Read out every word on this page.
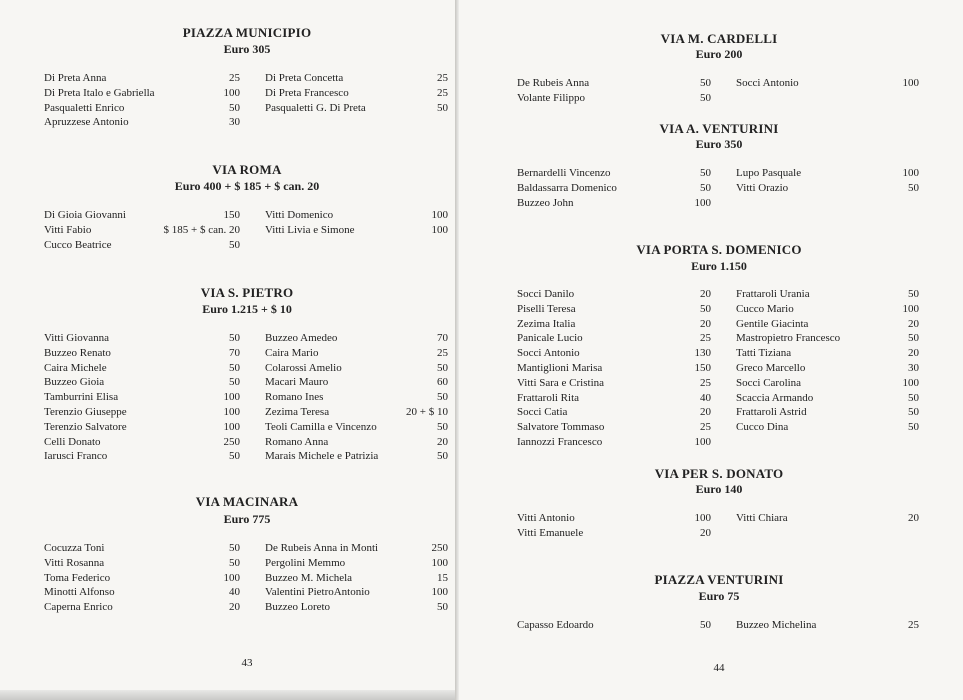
PIAZZA MUNICIPIO
Euro 305
Di Preta Anna	25
Di Preta Italo e Gabriella	100
Pasqualetti Enrico	50
Apruzzese Antonio	30
Di Preta Concetta	25
Di Preta Francesco	25
Pasqualetti G. Di Preta	50
VIA ROMA
Euro 400 + $ 185 + $ can. 20
Di Gioia Giovanni	150
Vitti Fabio	$ 185 + $ can. 20
Cucco Beatrice	50
Vitti Domenico	100
Vitti Livia e Simone	100
VIA S. PIETRO
Euro 1.215 + $ 10
Vitti Giovanna	50
Buzzeo Renato	70
Caira Michele	50
Buzzeo Gioia	50
Tamburrini Elisa	100
Terenzio Giuseppe	100
Terenzio Salvatore	100
Celli Donato	250
Iarusci Franco	50
Buzzeo Amedeo	70
Caira Mario	25
Colarossi Amelio	50
Macari Mauro	60
Romano Ines	50
Zezima Teresa	20 + $ 10
Teoli Camilla e Vincenzo	50
Romano Anna	20
Marais Michele e Patrizia	50
VIA MACINARA
Euro 775
Cocuzza Toni	50
Vitti Rosanna	50
Toma Federico	100
Minotti Alfonso	40
Caperna Enrico	20
De Rubeis Anna in Monti	250
Pergolini Memmo	100
Buzzeo M. Michela	15
Valentini PietroAntonio	100
Buzzeo Loreto	50
43
VIA M. CARDELLI
Euro 200
De Rubeis Anna	50
Volante Filippo	50
Socci Antonio	100
VIA A. VENTURINI
Euro 350
Bernardelli Vincenzo	50
Baldassarra Domenico	50
Buzzeo John	100
Lupo Pasquale	100
Vitti Orazio	50
VIA PORTA S. DOMENICO
Euro 1.150
Socci Danilo	20
Piselli Teresa	50
Zezima Italia	20
Panicale Lucio	25
Socci Antonio	130
Mantiglioni Marisa	150
Vitti Sara e Cristina	25
Frattaroli Rita	40
Socci Catia	20
Salvatore Tommaso	25
Iannozzi Francesco	100
Frattaroli Urania	50
Cucco Mario	100
Gentile Giacinta	20
Mastropietro Francesco	50
Tatti Tiziana	20
Greco Marcello	30
Socci Carolina	100
Scaccia Armando	50
Frattaroli Astrid	50
Cucco Dina	50
VIA PER S. DONATO
Euro 140
Vitti Antonio	100
Vitti Emanuele	20
Vitti Chiara	20
PIAZZA VENTURINI
Euro 75
Capasso Edoardo	50 Buzzeo Michelina	25
44
